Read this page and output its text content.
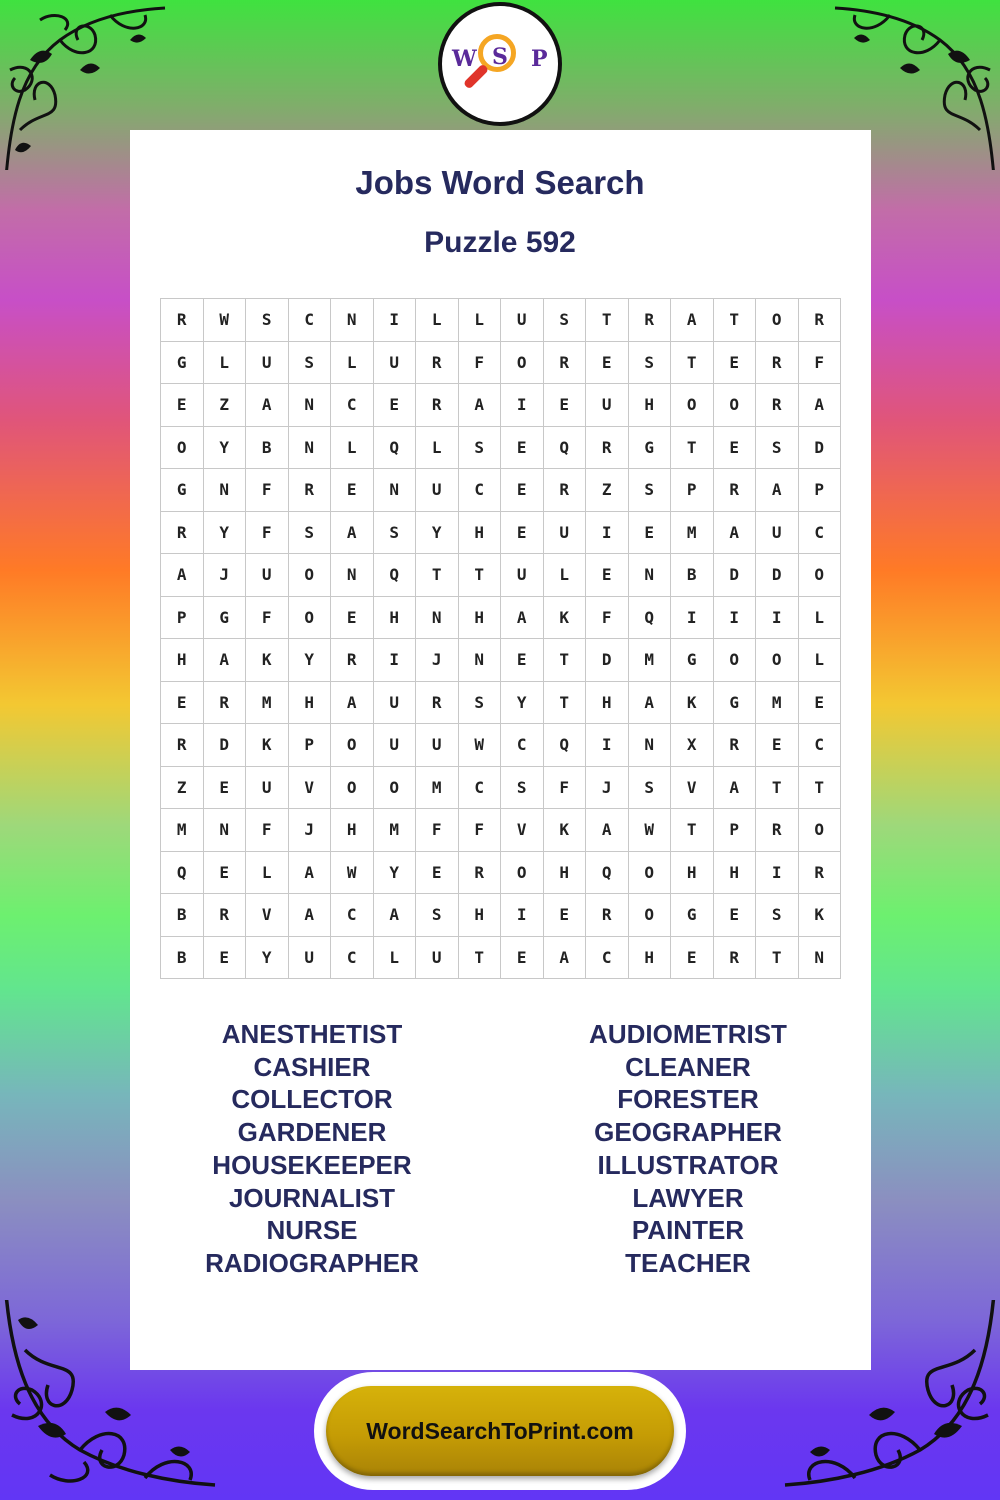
W S P
Jobs Word Search
Puzzle 592
R	W	S	C	N	I	L	L	U	S	T	R	A	T	O	R
G	L	U	S	L	U	R	F	O	R	E	S	T	E	R	F
E	Z	A	N	C	E	R	A	I	E	U	H	O	O	R	A
O	Y	B	N	L	Q	L	S	E	Q	R	G	T	E	S	D
G	N	F	R	E	N	U	C	E	R	Z	S	P	R	A	P
R	Y	F	S	A	S	Y	H	E	U	I	E	M	A	U	C
A	J	U	O	N	Q	T	T	U	L	E	N	B	D	D	O
P	G	F	O	E	H	N	H	A	K	F	Q	I	I	I	L
H	A	K	Y	R	I	J	N	E	T	D	M	G	O	O	L
E	R	M	H	A	U	R	S	Y	T	H	A	K	G	M	E
R	D	K	P	O	U	U	W	C	Q	I	N	X	R	E	C
Z	E	U	V	O	O	M	C	S	F	J	S	V	A	T	T
M	N	F	J	H	M	F	F	V	K	A	W	T	P	R	O
Q	E	L	A	W	Y	E	R	O	H	Q	O	H	H	I	R
B	R	V	A	C	A	S	H	I	E	R	O	G	E	S	K
B	E	Y	U	C	L	U	T	E	A	C	H	E	R	T	N
ANESTHETIST
CASHIER
COLLECTOR
GARDENER
HOUSEKEEPER
JOURNALIST
NURSE
RADIOGRAPHER
AUDIOMETRIST
CLEANER
FORESTER
GEOGRAPHER
ILLUSTRATOR
LAWYER
PAINTER
TEACHER
WordSearchToPrint.com
